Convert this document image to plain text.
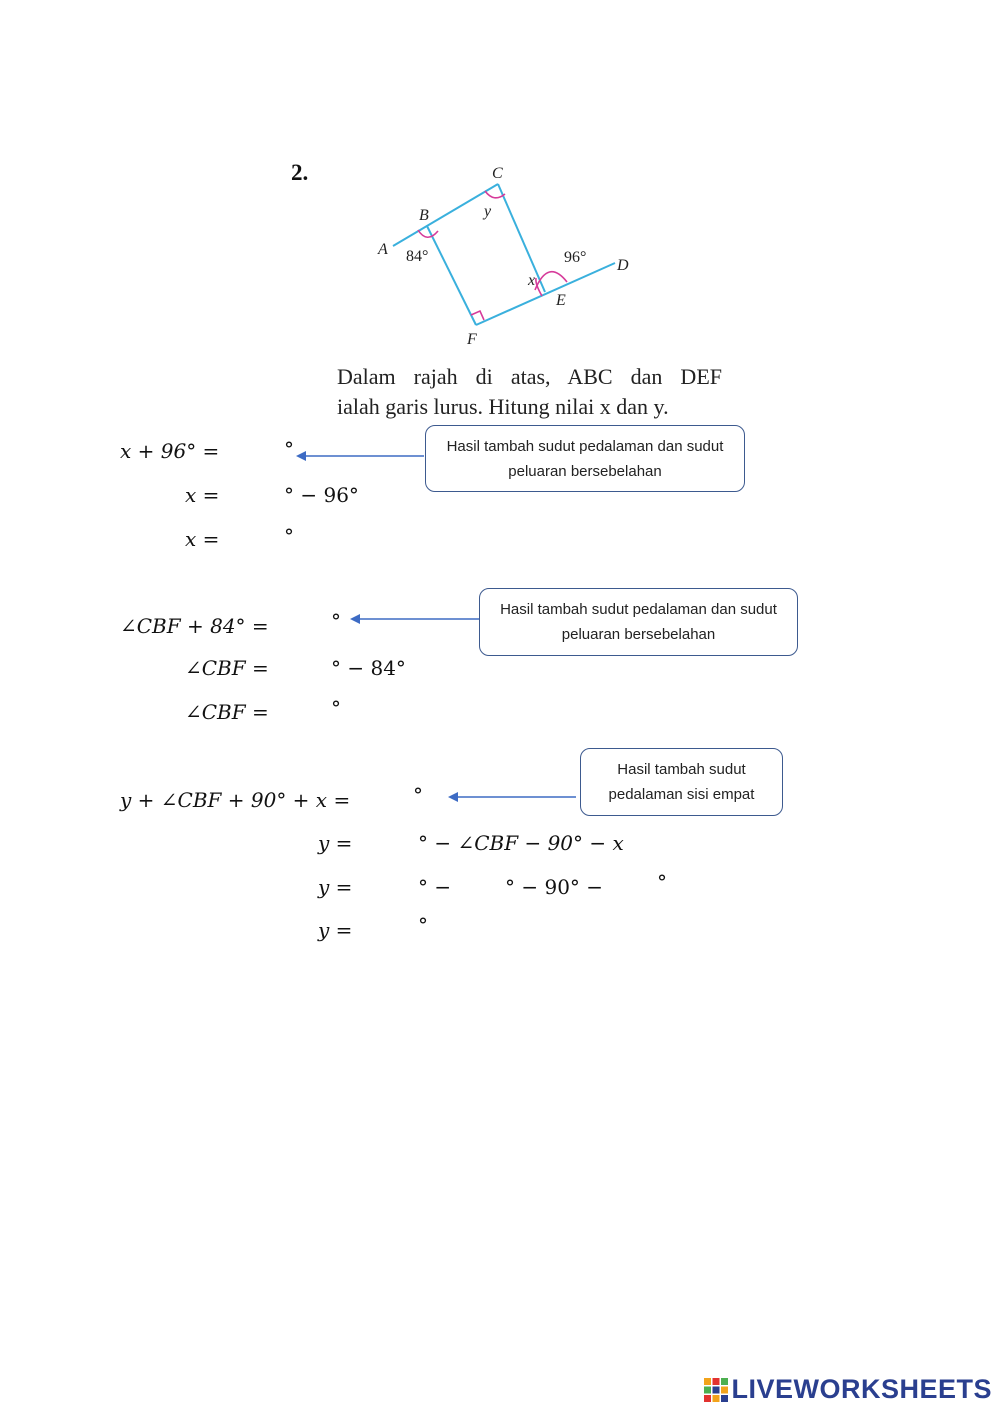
2.
A
B
C
D
E
F
y
x
84°	96°
Dalam rajah di atas, ABC dan DEF
ialah garis lurus. Hitung nilai x dan y.
x + 96° =	°
x =	° − 96°
x =	°
Hasil tambah sudut pedalaman dan sudut peluaran bersebelahan
∠CBF + 84° =	°
∠CBF =	° − 84°
∠CBF =	°
Hasil tambah sudut pedalaman dan sudut peluaran bersebelahan
y + ∠CBF + 90° + x =	°
y =	° − ∠CBF − 90° − x
y =	° −	° − 90° −	°
y =	°
Hasil tambah sudut pedalaman sisi empat
LIVEWORKSHEETS
